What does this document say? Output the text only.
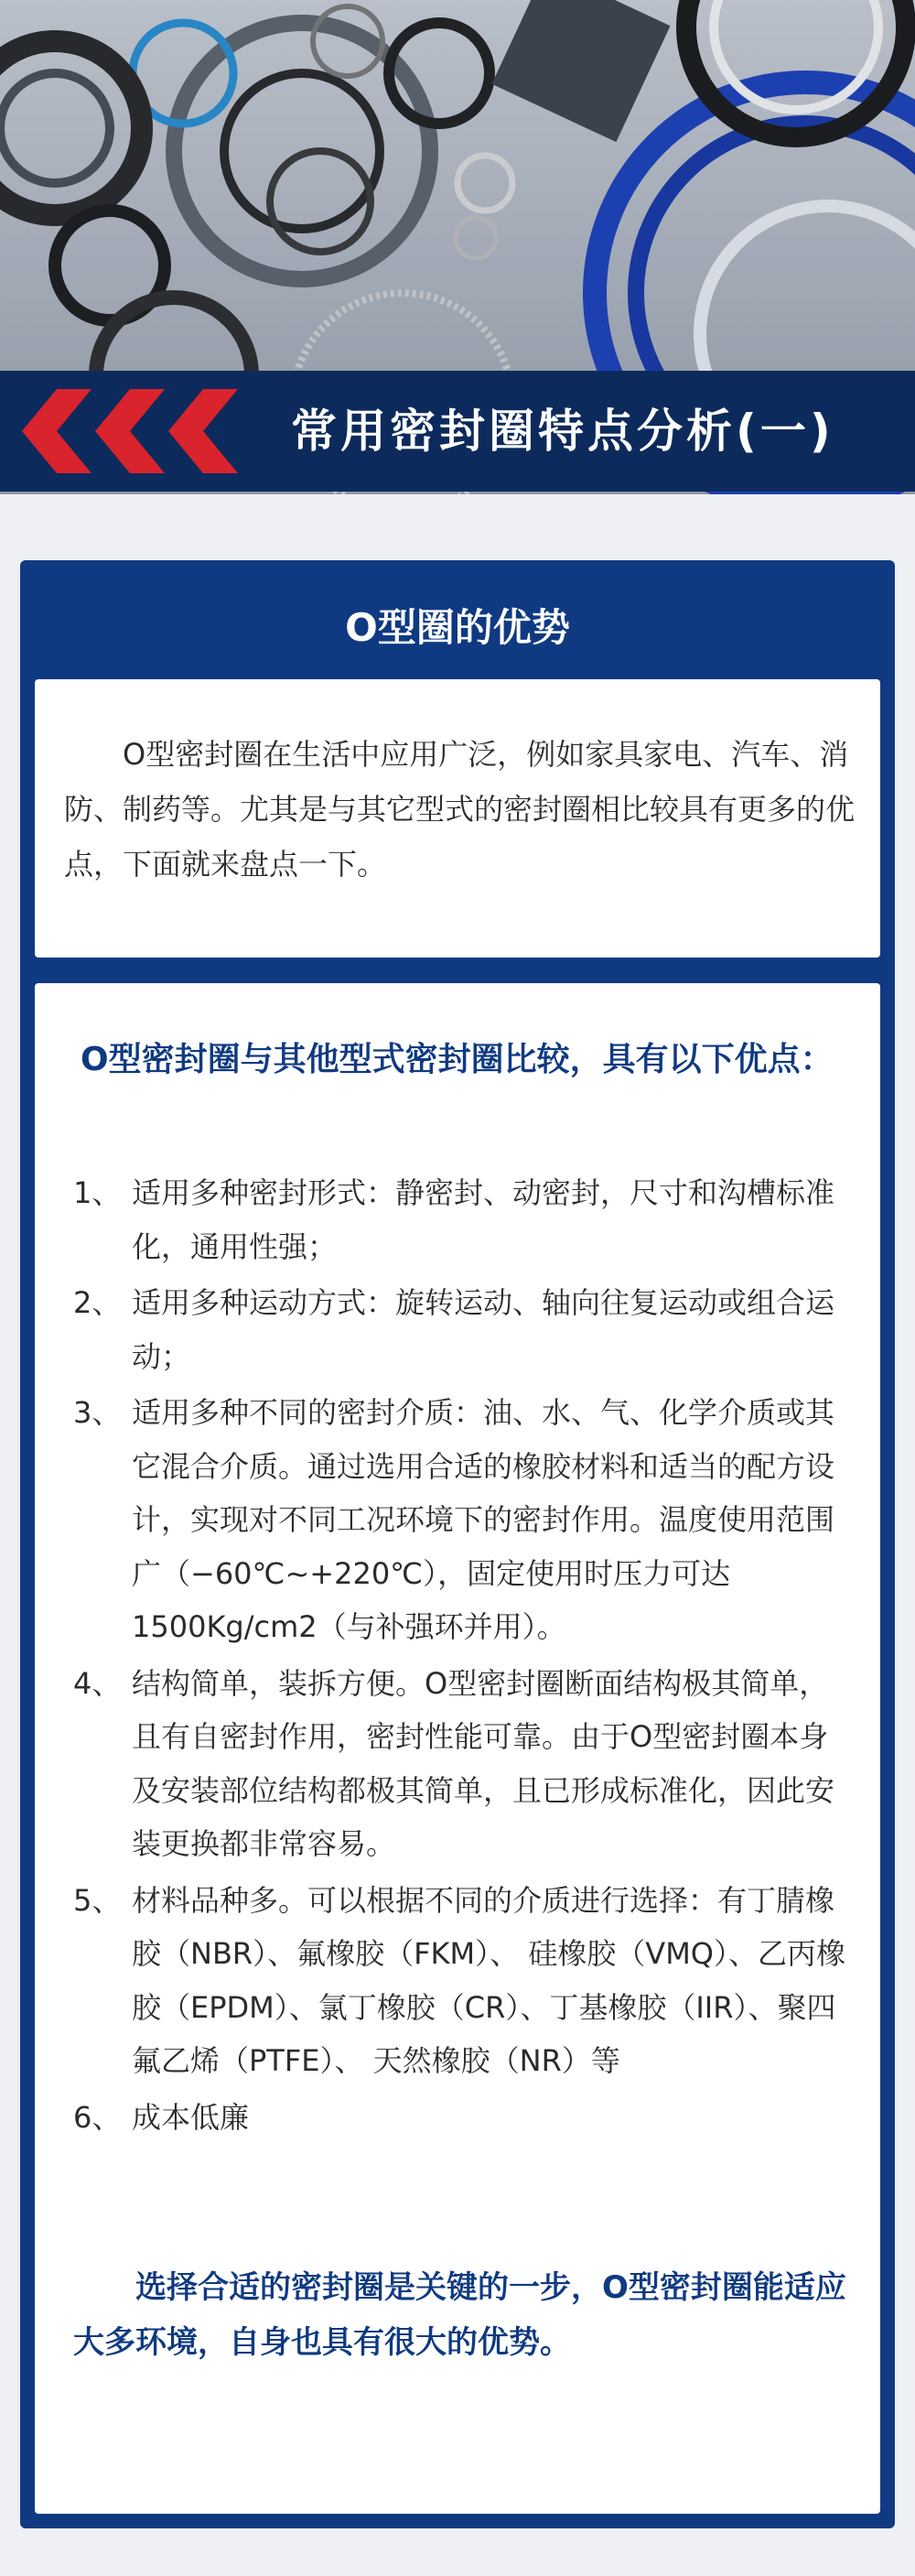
常用密封圈特点分析(一)
O型圈的优势
O型密封圈在生活中应用广泛，例如家具家电、汽车、消防、制药等。尤其是与其它型式的密封圈相比较具有更多的优点，下面就来盘点一下。
O型密封圈与其他型式密封圈比较，具有以下优点：
1、 适用多种密封形式：静密封、动密封，尺寸和沟槽标准化，通用性强；
2、 适用多种运动方式：旋转运动、轴向往复运动或组合运动；
3、 适用多种不同的密封介质：油、水、气、化学介质或其它混合介质。通过选用合适的橡胶材料和适当的配方设计，实现对不同工况环境下的密封作用。温度使用范围广（−60℃~+220℃），固定使用时压力可达1500Kg/cm2（与补强环并用）。
4、 结构简单，装拆方便。O型密封圈断面结构极其简单，且有自密封作用，密封性能可靠。由于O型密封圈本身及安装部位结构都极其简单，且已形成标准化，因此安装更换都非常容易。
5、 材料品种多。可以根据不同的介质进行选择：有丁腈橡胶（NBR）、氟橡胶（FKM）、 硅橡胶（VMQ）、乙丙橡胶（EPDM）、氯丁橡胶（CR）、丁基橡胶（IIR）、聚四氟乙烯（PTFE）、 天然橡胶（NR）等
6、 成本低廉
选择合适的密封圈是关键的一步，O型密封圈能适应大多环境，自身也具有很大的优势。
